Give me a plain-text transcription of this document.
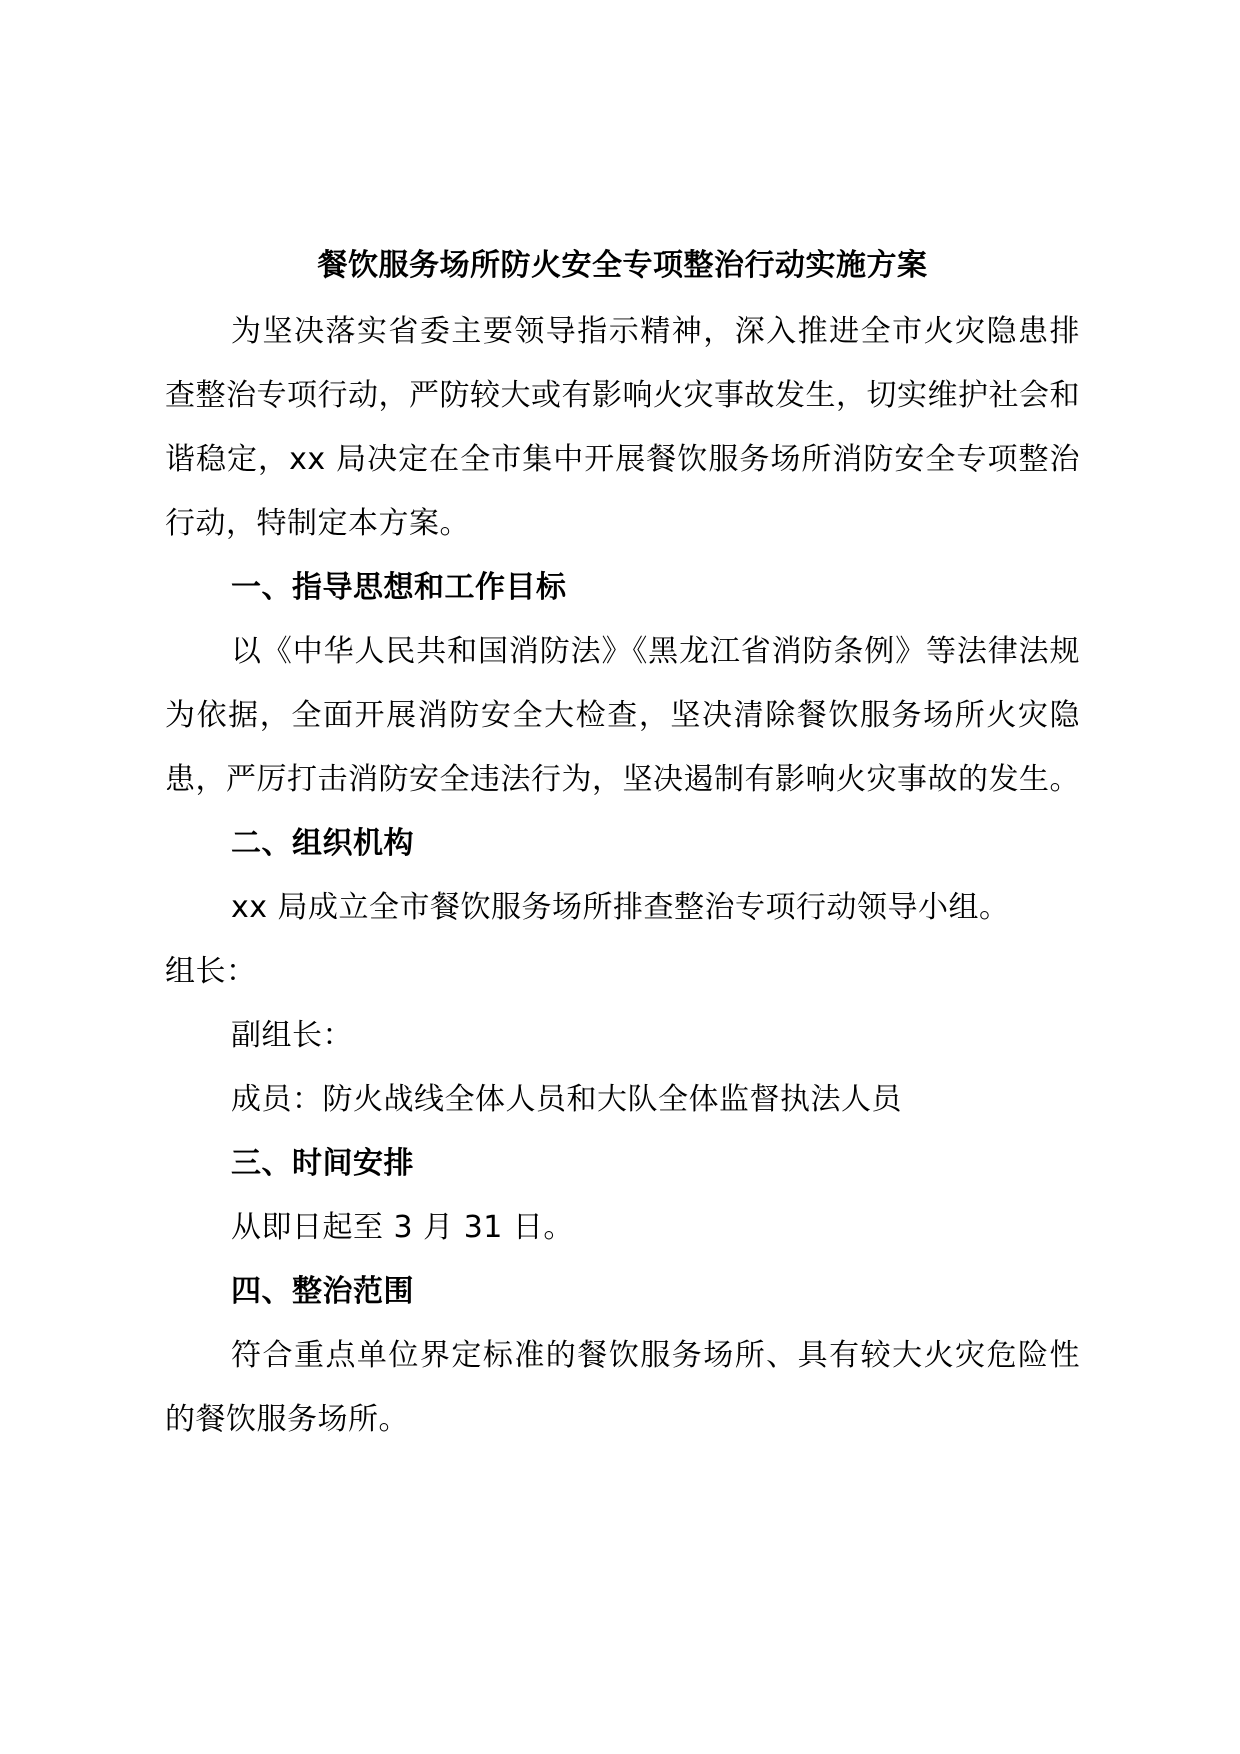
餐饮服务场所防火安全专项整治行动实施方案

为坚决落实省委主要领导指示精神，深入推进全市火灾隐患排查整治专项行动，严防较大或有影响火灾事故发生，切实维护社会和谐稳定，xx 局决定在全市集中开展餐饮服务场所消防安全专项整治行动，特制定本方案。

一、指导思想和工作目标

以《中华人民共和国消防法》《黑龙江省消防条例》等法律法规为依据，全面开展消防安全大检查，坚决清除餐饮服务场所火灾隐患，严厉打击消防安全违法行为，坚决遏制有影响火灾事故的发生。

二、组织机构

xx 局成立全市餐饮服务场所排查整治专项行动领导小组。

组长：

副组长：

成员：防火战线全体人员和大队全体监督执法人员

三、时间安排

从即日起至 3 月 31 日。

四、整治范围

符合重点单位界定标准的餐饮服务场所、具有较大火灾危险性的餐饮服务场所。
